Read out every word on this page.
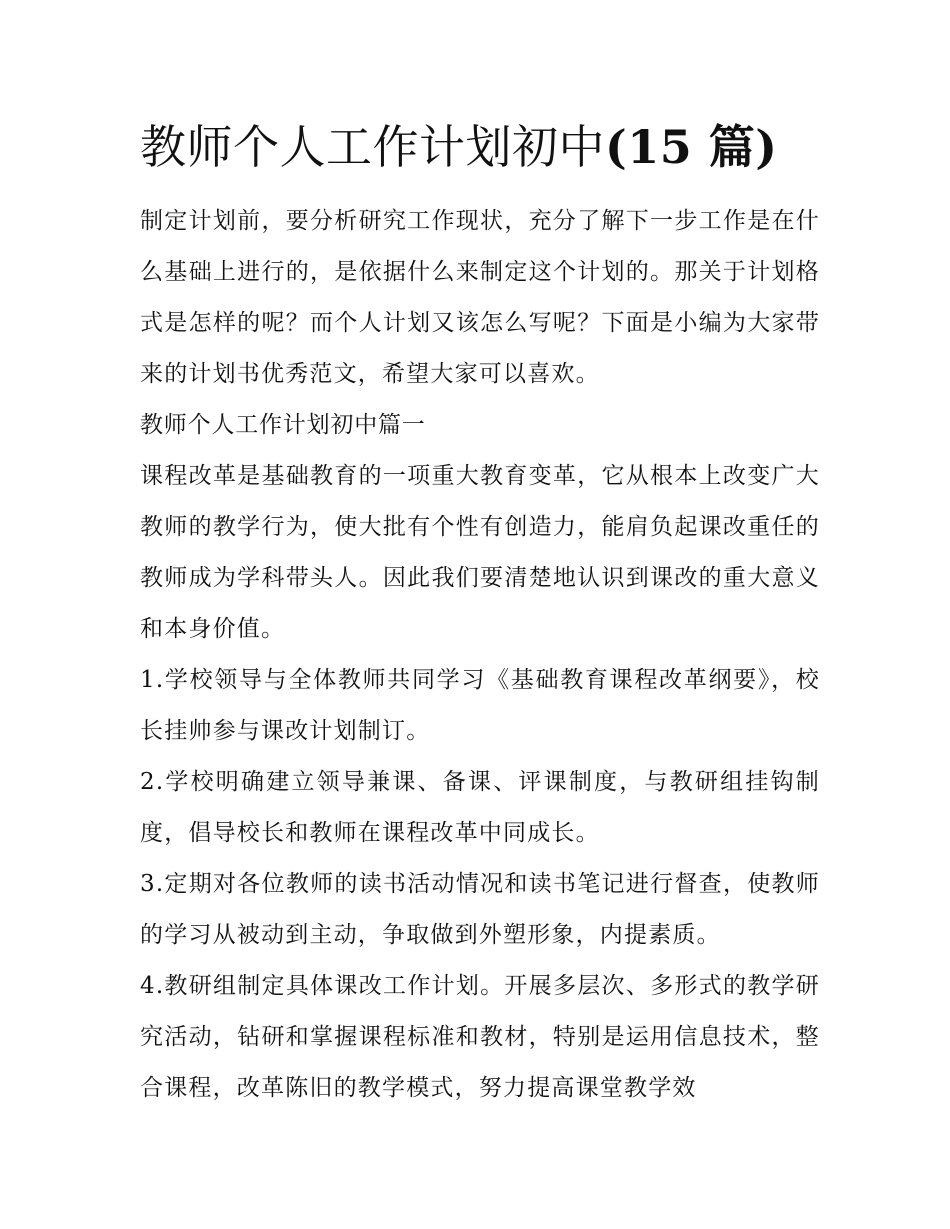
教师个人工作计划初中(15 篇)

制定计划前，要分析研究工作现状，充分了解下一步工作是在什么基础上进行的，是依据什么来制定这个计划的。那关于计划格式是怎样的呢？而个人计划又该怎么写呢？下面是小编为大家带来的计划书优秀范文，希望大家可以喜欢。

教师个人工作计划初中篇一

课程改革是基础教育的一项重大教育变革，它从根本上改变广大教师的教学行为，使大批有个性有创造力，能肩负起课改重任的教师成为学科带头人。因此我们要清楚地认识到课改的重大意义和本身价值。

1.学校领导与全体教师共同学习《基础教育课程改革纲要》，校长挂帅参与课改计划制订。

2.学校明确建立领导兼课、备课、评课制度，与教研组挂钩制度，倡导校长和教师在课程改革中同成长。

3.定期对各位教师的读书活动情况和读书笔记进行督查，使教师的学习从被动到主动，争取做到外塑形象，内提素质。

4.教研组制定具体课改工作计划。开展多层次、多形式的教学研究活动，钻研和掌握课程标准和教材，特别是运用信息技术，整合课程，改革陈旧的教学模式，努力提高课堂教学效
